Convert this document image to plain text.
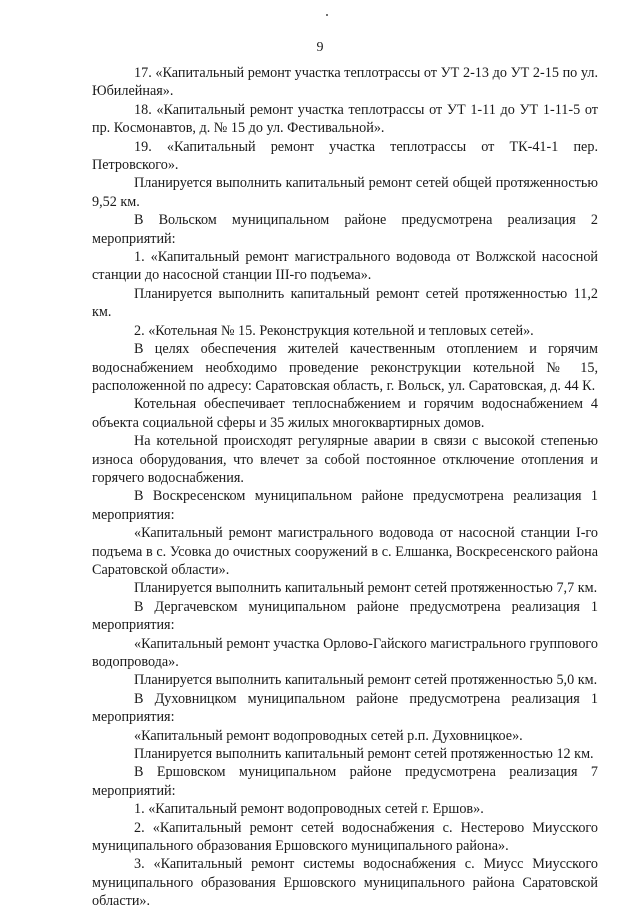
9

17. «Капитальный ремонт участка теплотрассы от УТ 2-13 до УТ 2-15 по ул. Юбилейная».

18. «Капитальный ремонт участка теплотрассы от УТ 1-11 до УТ 1-11-5 от пр. Космонавтов, д. № 15 до ул. Фестивальной».

19. «Капитальный ремонт участка теплотрассы от ТК-41-1 пер. Петровского».

Планируется выполнить капитальный ремонт сетей общей протяженностью 9,52 км.

В Вольском муниципальном районе предусмотрена реализация 2 мероприятий:

1. «Капитальный ремонт магистрального водовода от Волжской насосной станции до насосной станции III-го подъема».

Планируется выполнить капитальный ремонт сетей протяженностью 11,2 км.

2. «Котельная № 15. Реконструкция котельной и тепловых сетей».

В целях обеспечения жителей качественным отоплением и горячим водоснабжением необходимо проведение реконструкции котельной № 15, расположенной по адресу: Саратовская область, г. Вольск, ул. Саратовская, д. 44 К.

Котельная обеспечивает теплоснабжением и горячим водоснабжением 4 объекта социальной сферы и 35 жилых многоквартирных домов.

На котельной происходят регулярные аварии в связи с высокой степенью износа оборудования, что влечет за собой постоянное отключение отопления и горячего водоснабжения.

В Воскресенском муниципальном районе предусмотрена реализация 1 мероприятия:

«Капитальный ремонт магистрального водовода от насосной станции I-го подъема в с. Усовка до очистных сооружений в с. Елшанка, Воскресенского района Саратовской области».

Планируется выполнить капитальный ремонт сетей протяженностью 7,7 км.

В Дергачевском муниципальном районе предусмотрена реализация 1 мероприятия:

«Капитальный ремонт участка Орлово-Гайского магистрального группового водопровода».

Планируется выполнить капитальный ремонт сетей протяженностью 5,0 км.

В Духовницком муниципальном районе предусмотрена реализация 1 мероприятия:

«Капитальный ремонт водопроводных сетей р.п. Духовницкое».

Планируется выполнить капитальный ремонт сетей протяженностью 12 км.

В Ершовском муниципальном районе предусмотрена реализация 7 мероприятий:

1. «Капитальный ремонт водопроводных сетей г. Ершов».

2. «Капитальный ремонт сетей водоснабжения с. Нестерово Миусского муниципального образования Ершовского муниципального района».

3. «Капитальный ремонт системы водоснабжения с. Миусс Миусского муниципального образования Ершовского муниципального района Саратовской области».
